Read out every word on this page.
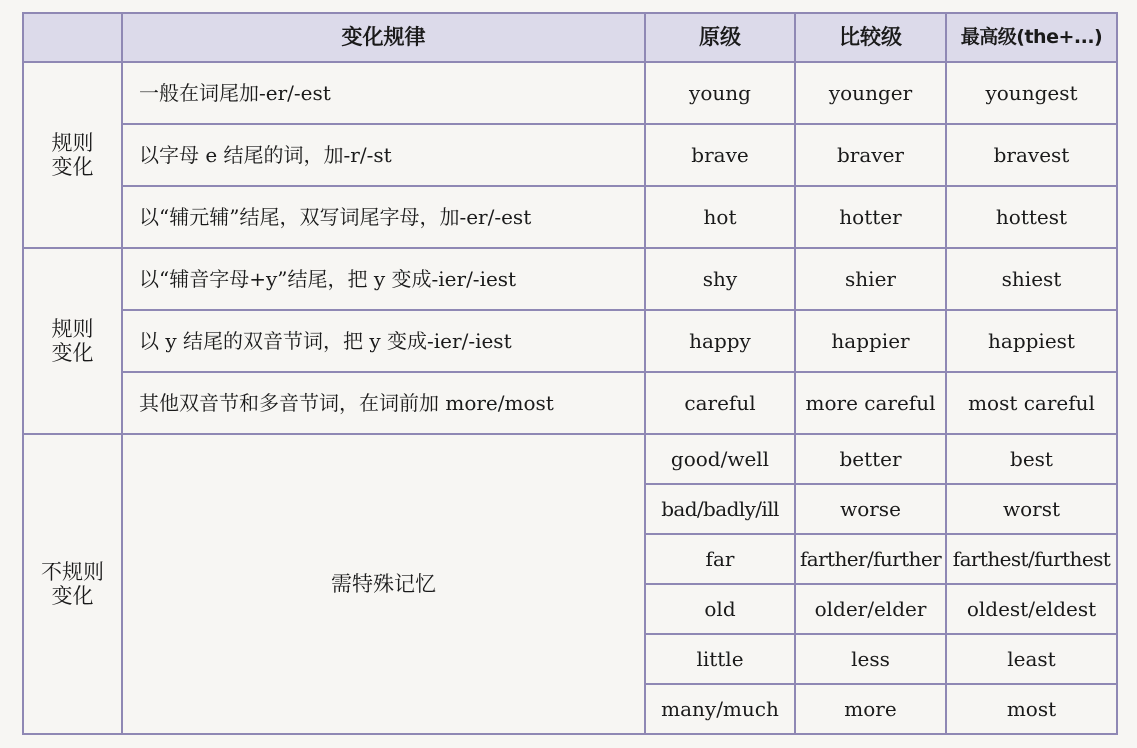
	变化规律	原级	比较级	最高级(the+...)
规则
变化	一般在词尾加-er/-est	young	younger	youngest
	以字母 e 结尾的词，加-r/-st	brave	braver	bravest
	以“辅元辅”结尾，双写词尾字母，加-er/-est	hot	hotter	hottest
规则
变化	以“辅音字母+y”结尾，把 y 变成-ier/-iest	shy	shier	shiest
	以 y 结尾的双音节词，把 y 变成-ier/-iest	happy	happier	happiest
	其他双音节和多音节词，在词前加 more/most	careful	more careful	most careful
不规则
变化	需特殊记忆	good/well	better	best
		bad/badly/ill	worse	worst
		far	farther/further	farthest/furthest
		old	older/elder	oldest/eldest
		little	less	least
		many/much	more	most
